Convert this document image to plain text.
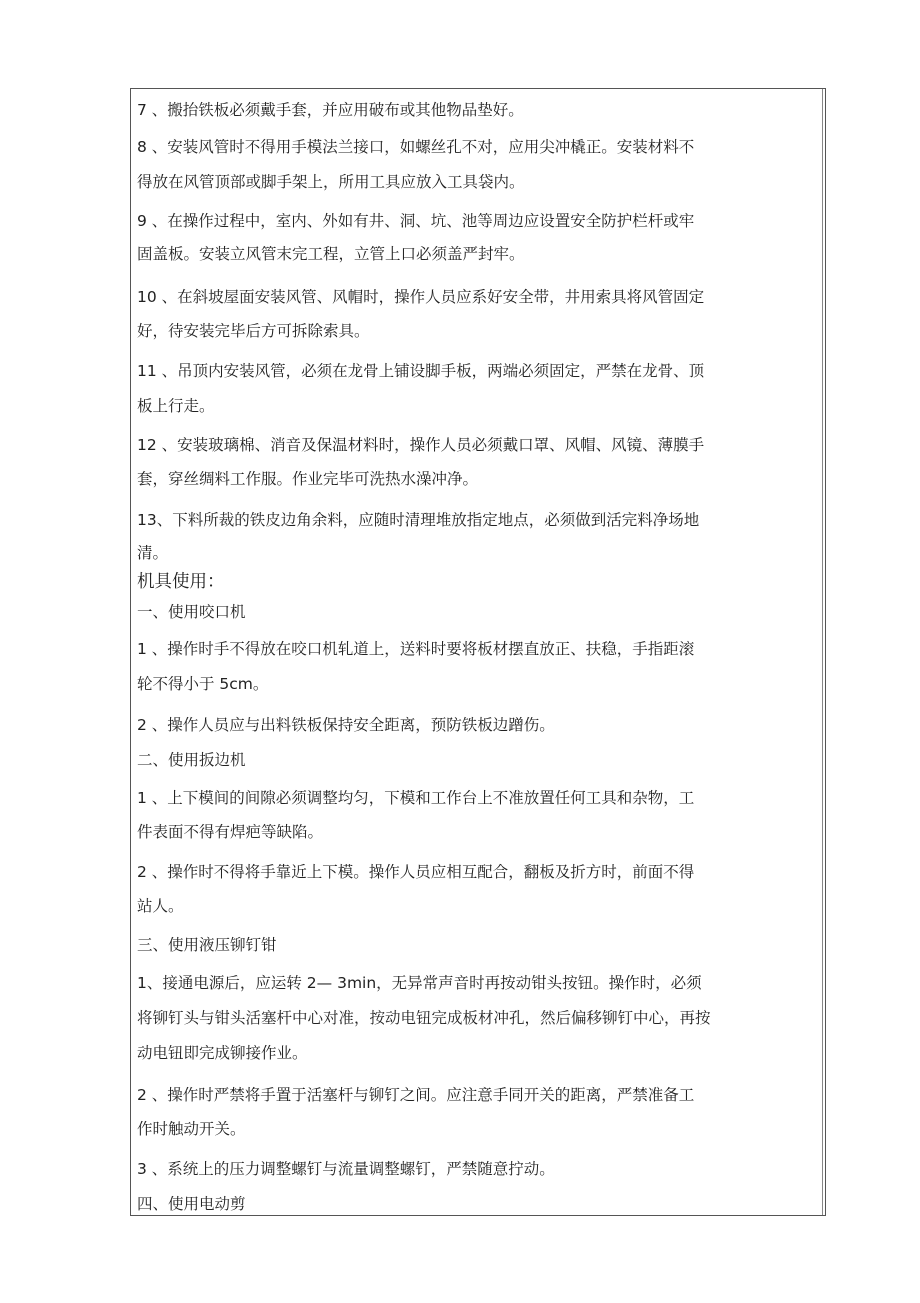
7 、搬抬铁板必须戴手套，并应用破布或其他物品垫好。
8 、安装风管时不得用手模法兰接口，如螺丝孔不对，应用尖冲橇正。安装材料不
得放在风管顶部或脚手架上，所用工具应放入工具袋内。
9 、在操作过程中，室内、外如有井、洞、坑、池等周边应设置安全防护栏杆或牢
固盖板。安装立风管末完工程，立管上口必须盖严封牢。
10 、在斜坡屋面安装风管、风帽时，操作人员应系好安全带，井用索具将风管固定
好，待安装完毕后方可拆除索具。
11 、吊顶内安装风管，必须在龙骨上铺设脚手板，两端必须固定，严禁在龙骨、顶
板上行走。
12 、安装玻璃棉、消音及保温材料时，操作人员必须戴口罩、风帽、风镜、薄膜手
套，穿丝绸料工作服。作业完毕可洗热水澡冲净。
13、下料所裁的铁皮边角余料，应随时清理堆放指定地点，必须做到活完料净场地
清。
机具使用：
一、使用咬口机
1 、操作时手不得放在咬口机轧道上，送料时要将板材摆直放正、扶稳，手指距滚
轮不得小于 5cm。
2 、操作人员应与出料铁板保持安全距离，预防铁板边蹭伤。
二、使用扳边机
1 、上下模间的间隙必须调整均匀，下模和工作台上不准放置任何工具和杂物，工
件表面不得有焊疤等缺陷。
2 、操作时不得将手靠近上下模。操作人员应相互配合，翻板及折方时，前面不得
站人。
三、使用液压铆钉钳
1、接通电源后，应运转 2— 3min，无异常声音时再按动钳头按钮。操作时，必须
将铆钉头与钳头活塞杆中心对准，按动电钮完成板材冲孔，然后偏移铆钉中心，再按
动电钮即完成铆接作业。
2 、操作时严禁将手置于活塞杆与铆钉之间。应注意手同开关的距离，严禁准备工
作时触动开关。
3 、系统上的压力调整螺钉与流量调整螺钉，严禁随意拧动。
四、使用电动剪
